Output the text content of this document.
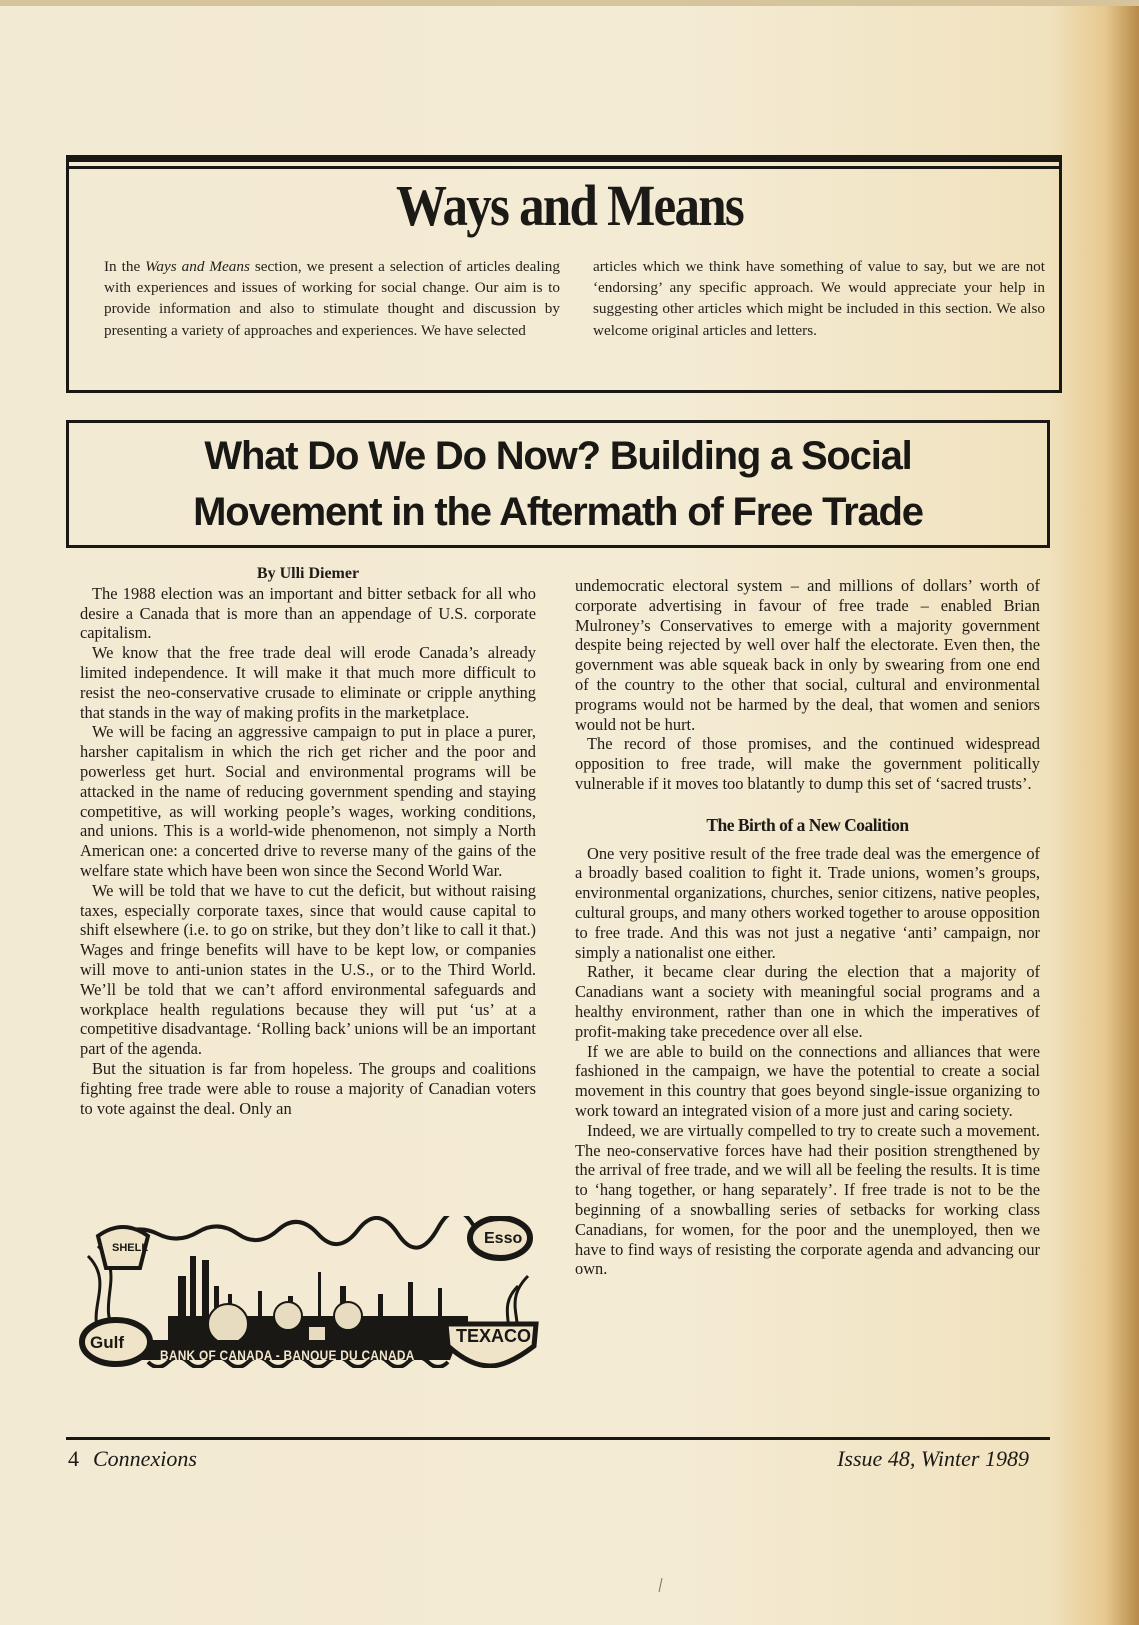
Ways and Means
In the Ways and Means section, we present a selection of articles dealing with experiences and issues of working for social change. Our aim is to provide information and also to stimulate thought and discussion by presenting a variety of approaches and experiences. We have selected
articles which we think have something of value to say, but we are not ‘endorsing’ any specific approach. We would appreciate your help in suggesting other articles which might be included in this section. We also welcome original articles and letters.
What Do We Do Now? Building a Social
Movement in the Aftermath of Free Trade
By Ulli Diemer

The 1988 election was an important and bitter setback for all who desire a Canada that is more than an appendage of U.S. corporate capitalism.

We know that the free trade deal will erode Canada’s already limited independence. It will make it that much more difficult to resist the neo-conservative crusade to eliminate or cripple anything that stands in the way of making profits in the marketplace.

We will be facing an aggressive campaign to put in place a purer, harsher capitalism in which the rich get richer and the poor and powerless get hurt. Social and environmental programs will be attacked in the name of reducing government spending and staying competitive, as will working people’s wages, working conditions, and unions. This is a world-wide phenomenon, not simply a North American one: a concerted drive to reverse many of the gains of the welfare state which have been won since the Second World War.

We will be told that we have to cut the deficit, but without raising taxes, especially corporate taxes, since that would cause capital to shift elsewhere (i.e. to go on strike, but they don’t like to call it that.) Wages and fringe benefits will have to be kept low, or companies will move to anti-union states in the U.S., or to the Third World. We’ll be told that we can’t afford environmental safeguards and workplace health regulations because they will put ‘us’ at a competitive disadvantage. ‘Rolling back’ unions will be an important part of the agenda.

But the situation is far from hopeless. The groups and coalitions fighting free trade were able to rouse a majority of Canadian voters to vote against the deal. Only an

SHELL
Esso
Gulf	TEXACO
BANK OF CANADA - BANQUE DU CANADA

undemocratic electoral system – and millions of dollars’ worth of corporate advertising in favour of free trade – enabled Brian Mulroney’s Conservatives to emerge with a majority government despite being rejected by well over half the electorate. Even then, the government was able squeak back in only by swearing from one end of the country to the other that social, cultural and environmental programs would not be harmed by the deal, that women and seniors would not be hurt.

The record of those promises, and the continued widespread opposition to free trade, will make the government politically vulnerable if it moves too blatantly to dump this set of ‘sacred trusts’.

The Birth of a New Coalition

One very positive result of the free trade deal was the emergence of a broadly based coalition to fight it. Trade unions, women’s groups, environmental organizations, churches, senior citizens, native peoples, cultural groups, and many others worked together to arouse opposition to free trade. And this was not just a negative ‘anti’ campaign, nor simply a nationalist one either.

Rather, it became clear during the election that a majority of Canadians want a society with meaningful social programs and a healthy environment, rather than one in which the imperatives of profit-making take precedence over all else.

If we are able to build on the connections and alliances that were fashioned in the campaign, we have the potential to create a social movement in this country that goes beyond single-issue organizing to work toward an integrated vision of a more just and caring society.

Indeed, we are virtually compelled to try to create such a movement. The neo-conservative forces have had their position strengthened by the arrival of free trade, and we will all be feeling the results. It is time to ‘hang together, or hang separately’. If free trade is not to be the beginning of a snowballing series of setbacks for working class Canadians, for women, for the poor and the unemployed, then we have to find ways of resisting the corporate agenda and advancing our own.

4 Connexions	Issue 48, Winter 1989
